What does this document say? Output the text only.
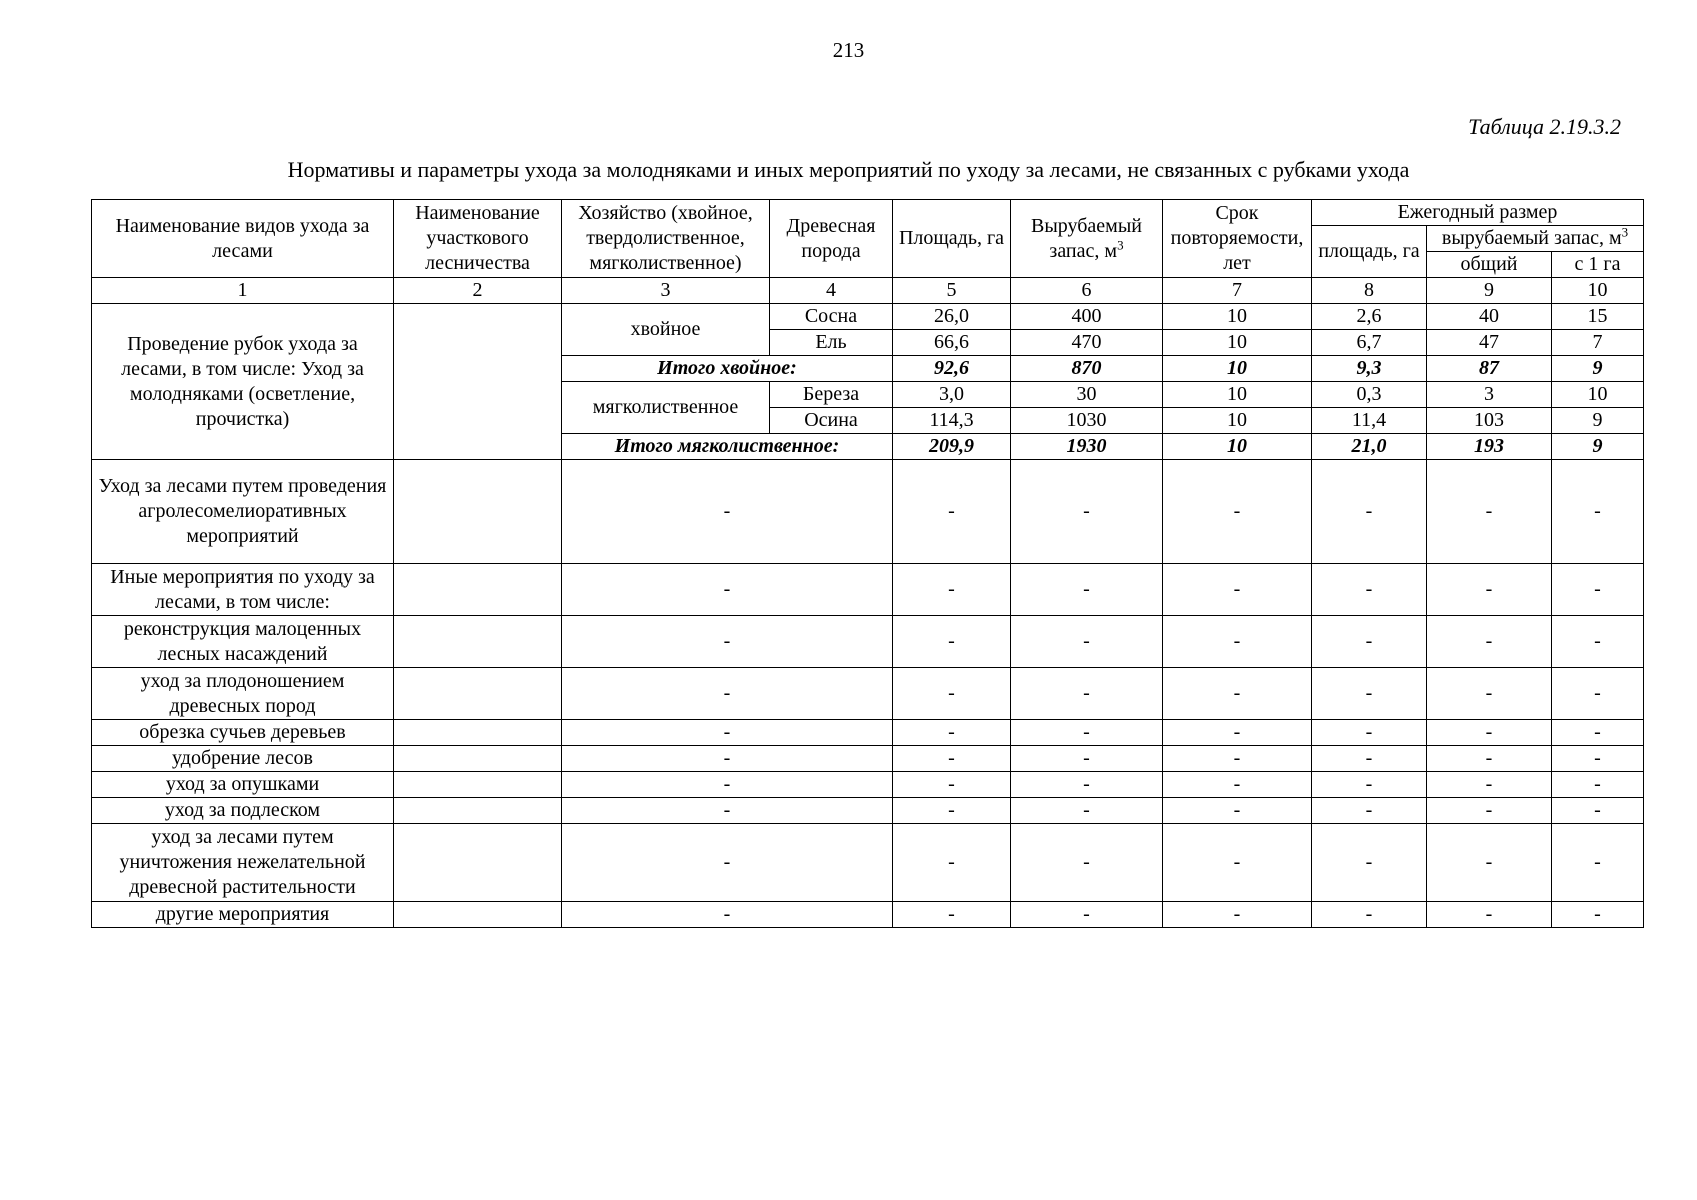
213
Таблица 2.19.3.2
Нормативы и параметры ухода за молодняками и иных мероприятий по уходу за лесами, не связанных с рубками ухода
Наименование видов ухода за лесами	Наименование участкового лесничества	Хозяйство (хвойное, твердолиственное, мягколиственное)	Древесная порода	Площадь, га	Вырубаемый запас, $м^3$	Срок повторяемости, лет	Ежегодный размер		
							площадь, га	вырубаемый запас, $м^3$
								общий	с 1 га
1	2	3	4	5	6	7	8	9	10
Проведение рубок ухода за лесами, в том числе: Уход за молодняками (осветление, прочистка)		хвойное	Сосна	26,0	400	10	2,6	40	15
			Ель	66,6	470	10	6,7	47	7
		Итого хвойное:		92,6	870	10	9,3	87	9
		мягколиственное	Береза	3,0	30	10	0,3	3	10
			Осина	114,3	1030	10	11,4	103	9
		Итого мягколиственное:		209,9	1930	10	21,0	193	9
Уход за лесами путем проведения агролесомелиоративных мероприятий		-		-	-	-	-	-	-
Иные мероприятия по уходу за лесами, в том числе:		-		-	-	-	-	-	-
реконструкция малоценных лесных насаждений		-		-	-	-	-	-	-
уход за плодоношением древесных пород		-		-	-	-	-	-	-
обрезка сучьев деревьев		-		-	-	-	-	-	-
удобрение лесов		-		-	-	-	-	-	-
уход за опушками		-		-	-	-	-	-	-
уход за подлеском		-		-	-	-	-	-	-
уход за лесами путем уничтожения нежелательной древесной растительности		-		-	-	-	-	-	-
другие мероприятия		-		-	-	-	-	-	-
